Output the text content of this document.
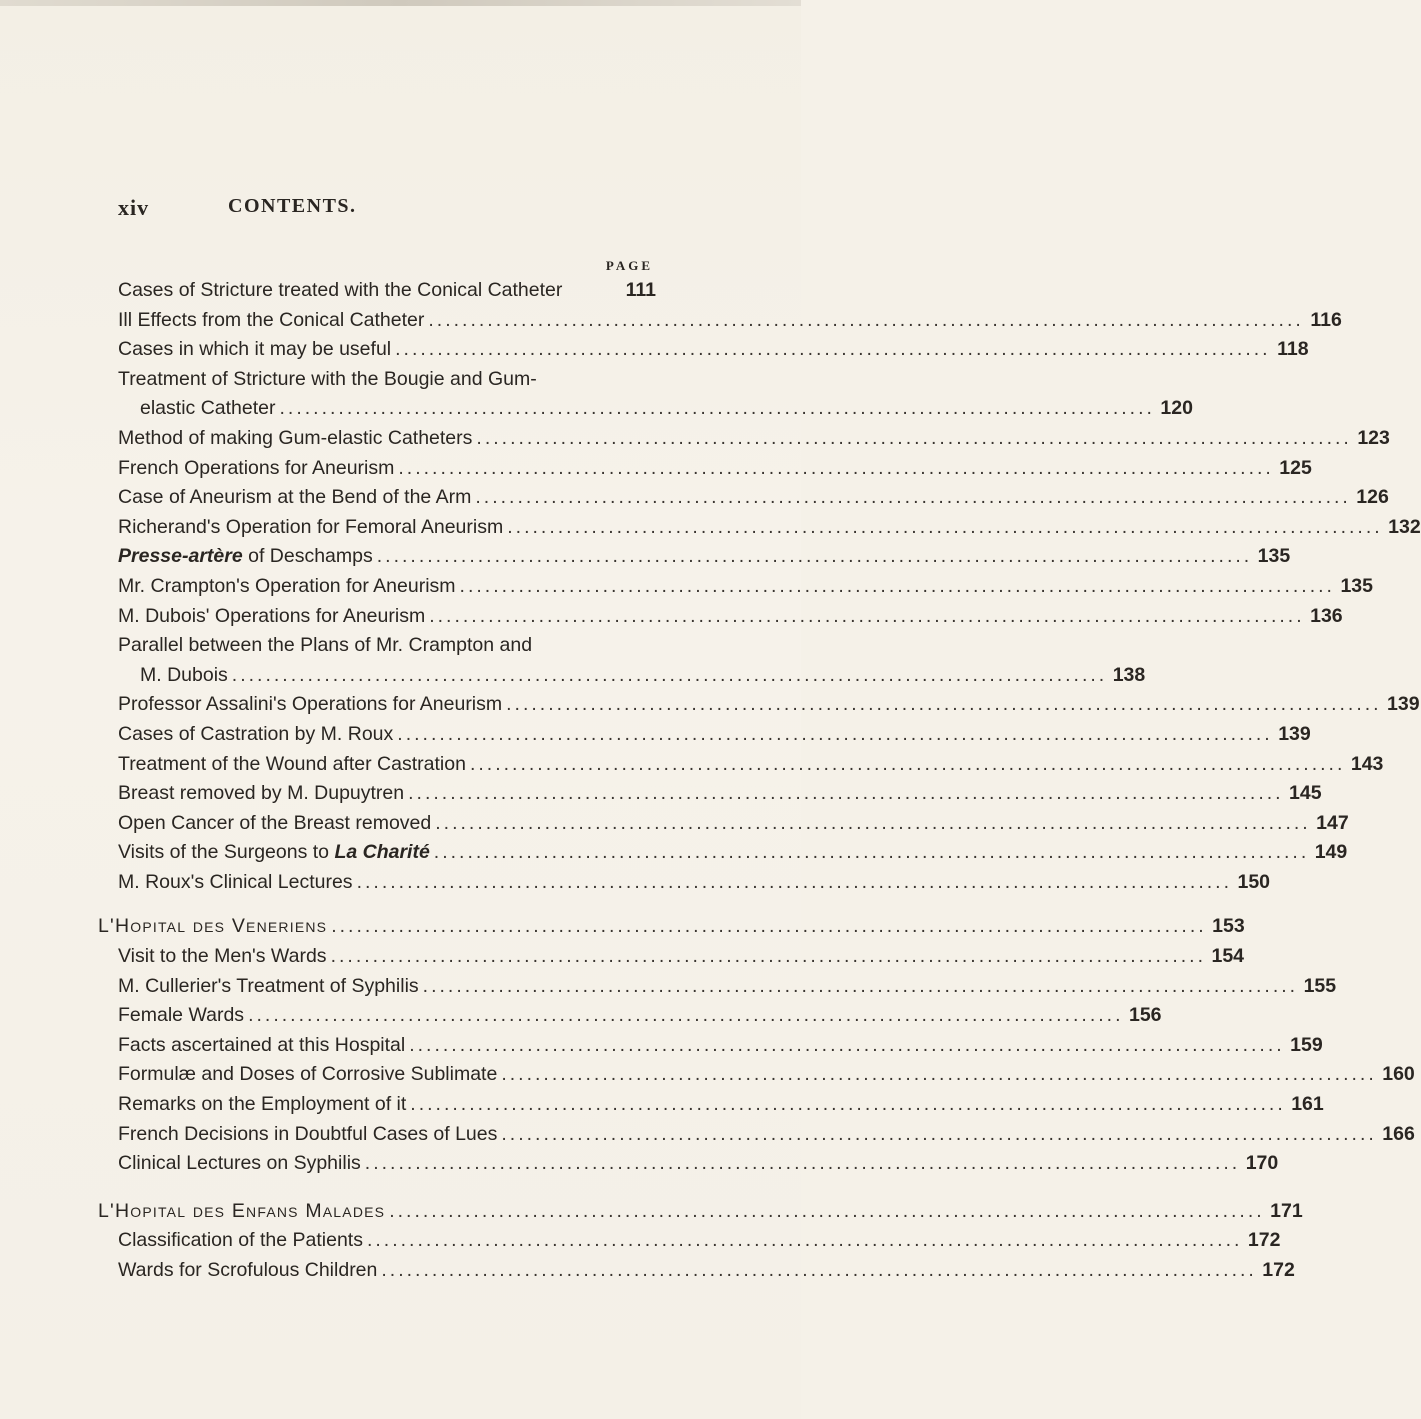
xiv	CONTENTS.
PAGE
Cases of Stricture treated with the Conical Catheter	111
Ill Effects from the Conical Catheter .....	116
Cases in which it may be useful .....	118
Treatment of Stricture with the Bougie and Gum-
elastic Catheter .....	120
Method of making Gum-elastic Catheters .....	123
French Operations for Aneurism .....	125
Case of Aneurism at the Bend of the Arm .....	126
Richerand's Operation for Femoral Aneurism .....	132
Presse-artère of Deschamps .....	135
Mr. Crampton's Operation for Aneurism .....	135
M. Dubois' Operations for Aneurism .....	136
Parallel between the Plans of Mr. Crampton and
M. Dubois .....	138
Professor Assalini's Operations for Aneurism .....	139
Cases of Castration by M. Roux .....	139
Treatment of the Wound after Castration .....	143
Breast removed by M. Dupuytren .....	145
Open Cancer of the Breast removed .....	147
Visits of the Surgeons to La Charité .....	149
M. Roux's Clinical Lectures .....	150
L'Hopital des Veneriens .....	153
Visit to the Men's Wards .....	154
M. Cullerier's Treatment of Syphilis .....	155
Female Wards .....	156
Facts ascertained at this Hospital .....	159
Formulæ and Doses of Corrosive Sublimate .....	160
Remarks on the Employment of it .....	161
French Decisions in Doubtful Cases of Lues .....	166
Clinical Lectures on Syphilis .....	170
L'Hopital des Enfans Malades .....	171
Classification of the Patients .....	172
Wards for Scrofulous Children .....	172
